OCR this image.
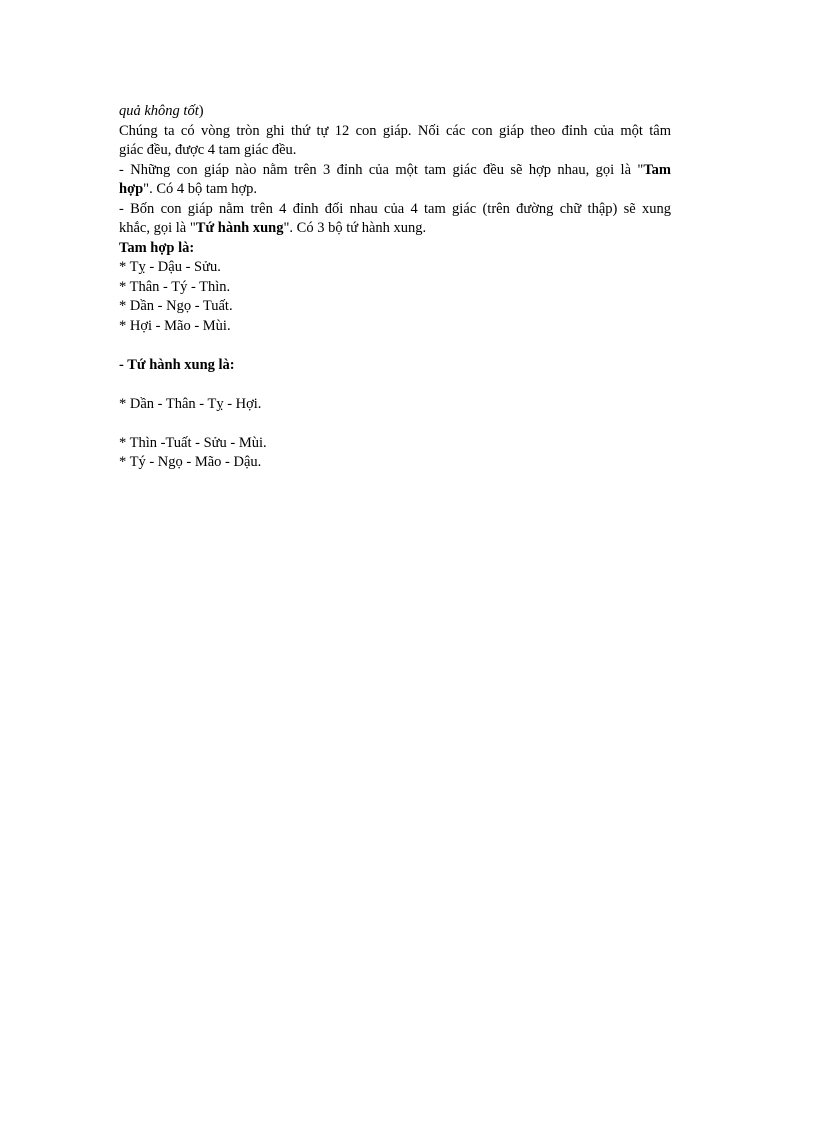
quả không tốt)
Chúng ta có vòng tròn ghi thứ tự 12 con giáp. Nối các con giáp theo đỉnh của một tâm
giác đều, được 4 tam giác đều.
- Những con giáp nào nằm trên 3 đỉnh của một tam giác đều sẽ hợp nhau, gọi là "Tam
hợp". Có 4 bộ tam hợp.
- Bốn con giáp nằm trên 4 đỉnh đối nhau của 4 tam giác (trên đường chữ thập) sẽ xung
khắc, gọi là "Tứ hành xung". Có 3 bộ tứ hành xung.
Tam hợp là:
* Tỵ - Dậu - Sửu.
* Thân - Tý - Thìn.
* Dần - Ngọ - Tuất.
* Hợi - Mão - Mùi.
- Tứ hành xung là:
* Dần - Thân - Tỵ - Hợi.
* Thìn -Tuất - Sửu - Mùi.
* Tý - Ngọ - Mão - Dậu.
